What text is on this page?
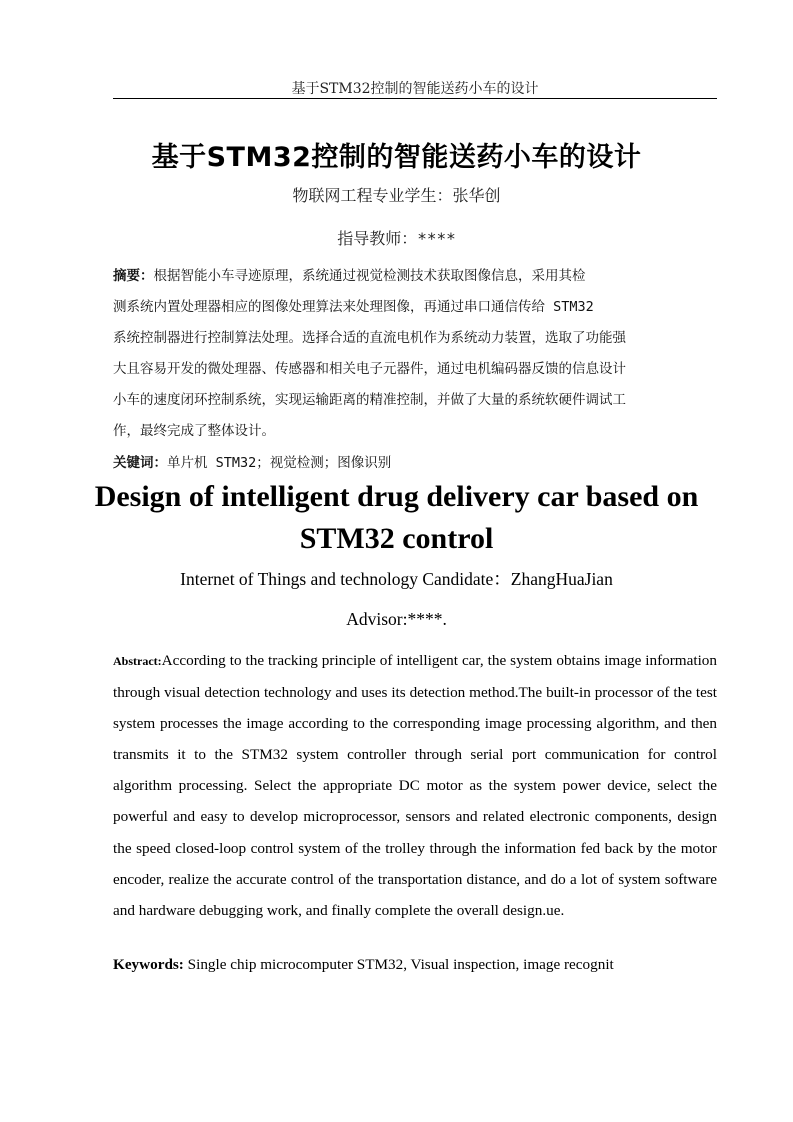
基于STM32控制的智能送药小车的设计
基于STM32控制的智能送药小车的设计
物联网工程专业学生：张华创
指导教师：****
摘要：根据智能小车寻迹原理，系统通过视觉检测技术获取图像信息，采用其检
测系统内置处理器相应的图像处理算法来处理图像，再通过串口通信传给 STM32
系统控制器进行控制算法处理。选择合适的直流电机作为系统动力装置，选取了功能强
大且容易开发的微处理器、传感器和相关电子元器件，通过电机编码器反馈的信息设计
小车的速度闭环控制系统，实现运输距离的精准控制，并做了大量的系统软硬件调试工
作，最终完成了整体设计。
关键词：单片机 STM32；视觉检测；图像识别
Design of intelligent drug delivery car based on
STM32 control
Internet of Things and technology Candidate：ZhangHuaJian
Advisor:****.
Abstract:According to the tracking principle of intelligent car, the system obtains image information through visual detection technology and uses its detection method.The built-in processor of the test system processes the image according to the corresponding image processing algorithm, and then transmits it to the STM32 system controller through serial port communication for control algorithm processing. Select the appropriate DC motor as the system power device, select the powerful and easy to develop microprocessor, sensors and related electronic components, design the speed closed-loop control system of the trolley through the information fed back by the motor encoder, realize the accurate control of the transportation distance, and do a lot of system software and hardware debugging work, and finally complete the overall design.ue.
Keywords: Single chip microcomputer STM32, Visual inspection, image recognit
